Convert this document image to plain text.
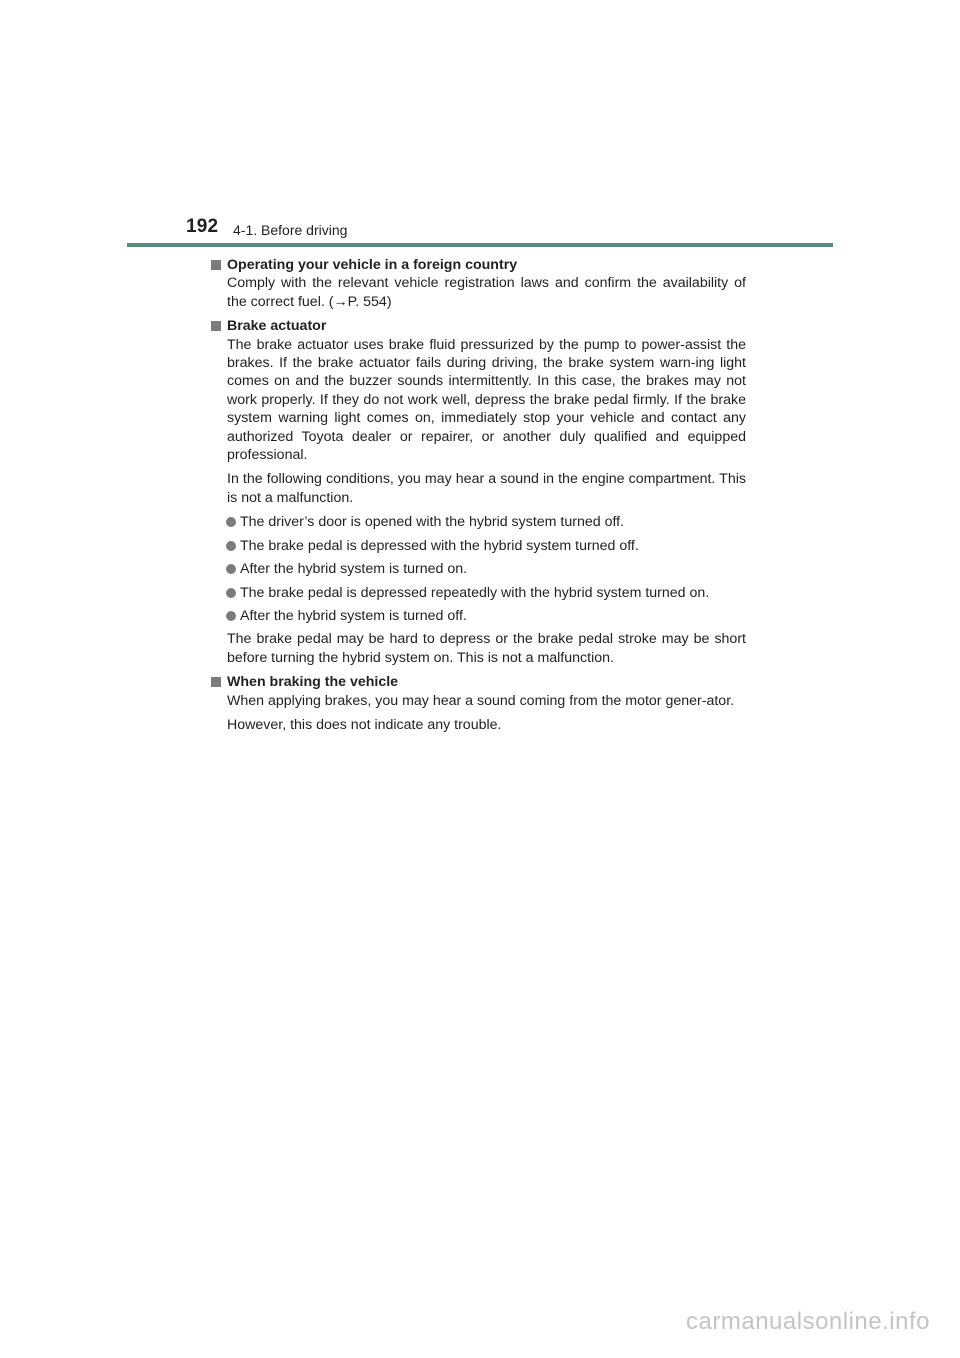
192 4-1. Before driving
Operating your vehicle in a foreign country

Comply with the relevant vehicle registration laws and confirm the availability of the correct fuel. (→P. 554)

Brake actuator

The brake actuator uses brake fluid pressurized by the pump to power-assist the brakes. If the brake actuator fails during driving, the brake system warn-ing light comes on and the buzzer sounds intermittently. In this case, the brakes may not work properly. If they do not work well, depress the brake pedal firmly. If the brake system warning light comes on, immediately stop your vehicle and contact any authorized Toyota dealer or repairer, or another duly qualified and equipped professional.

In the following conditions, you may hear a sound in the engine compartment. This is not a malfunction.

The driver’s door is opened with the hybrid system turned off.
The brake pedal is depressed with the hybrid system turned off.
After the hybrid system is turned on.
The brake pedal is depressed repeatedly with the hybrid system turned on.
After the hybrid system is turned off.

The brake pedal may be hard to depress or the brake pedal stroke may be short before turning the hybrid system on. This is not a malfunction.

When braking the vehicle

When applying brakes, you may hear a sound coming from the motor gener-ator.

However, this does not indicate any trouble.

carmanualsonline.info
